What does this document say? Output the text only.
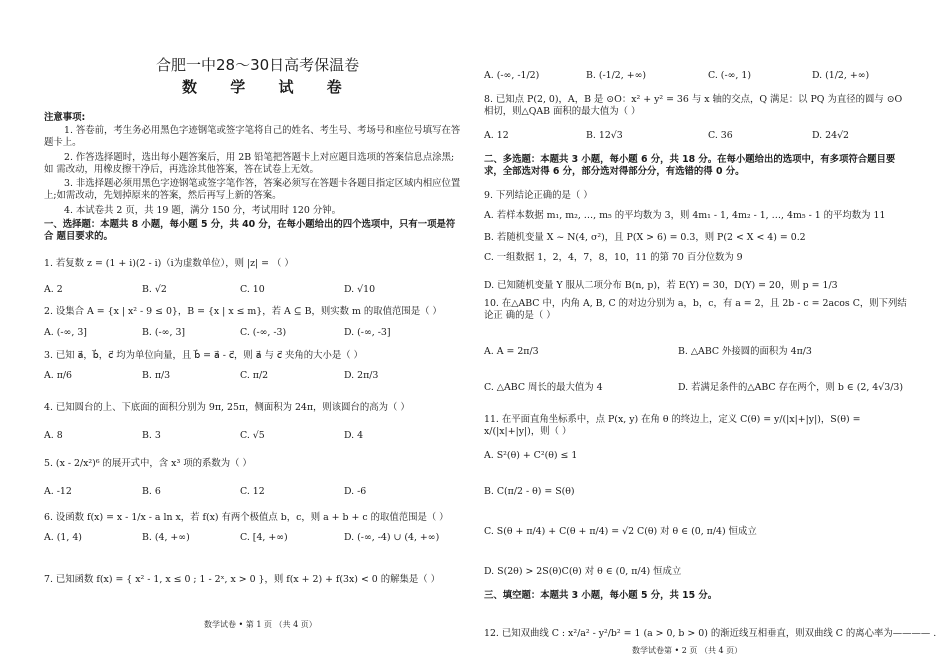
合肥一中28～30日高考保温卷
数 学 试 卷
注意事项:
1. 答卷前，考生务必用黑色字迹钢笔或签字笔将自己的姓名、考生号、考场号和座位号填写在答 题卡上。
2. 作答选择题时，选出每小题答案后，用 2B 铅笔把答题卡上对应题目选项的答案信息点涂黑; 如 需改动，用橡皮擦干净后，再选涂其他答案，答在试卷上无效。
3. 非选择题必须用黑色字迹钢笔或签字笔作答，答案必须写在答题卡各题目指定区域内相应位置 上;如需改动，先划掉原来的答案，然后再写上新的答案。
4. 本试卷共 2 页，共 19 题，满分 150 分，考试用时 120 分钟。
一、选择题：本题共 8 小题，每小题 5 分，共 40 分，在每小题给出的四个选项中，只有一项是符合 题目要求的。
1. 若复数 z = (1 + i)(2 - i)（i为虚数单位），则 |z| = （ ）
A. 2	B. √2	C. 10	D. √10
2. 设集合 A = {x | x² - 9 ≤ 0}，B = {x | x ≤ m}，若 A ⊆ B，则实数 m 的取值范围是（ ）
A. (-∞, 3]	B. (-∞, 3]	C. (-∞, -3)	D. (-∞, -3]
3. 已知 a⃗，b⃗，c⃗ 均为单位向量，且 b⃗ = a⃗ - c⃗，则 a⃗ 与 c⃗ 夹角的大小是（ ）
A. π/6	B. π/3	C. π/2	D. 2π/3
4. 已知圆台的上、下底面的面积分别为 9π, 25π，侧面积为 24π，则该圆台的高为（ ）
A. 8	B. 3	C. √5	D. 4
5. (x - 2/x²)⁶ 的展开式中，含 x³ 项的系数为（ ）
A. -12	B. 6	C. 12	D. -6
6. 设函数 f(x) = x - 1/x - a ln x，若 f(x) 有两个极值点 b，c，则 a + b + c 的取值范围是（ ）
A. (1, 4)	B. (4, +∞)	C. [4, +∞)	D. (-∞, -4) ∪ (4, +∞)
7. 已知函数 f(x) = { x² - 1, x ≤ 0 ; 1 - 2ˣ, x > 0 }，则 f(x + 2) + f(3x) < 0 的解集是（ ）
数学试卷 • 第 1 页 （共 4 页）
A. (-∞, -1/2)	B. (-1/2, +∞)	C. (-∞, 1)	D. (1/2, +∞)
8. 已知点 P(2, 0)，A，B 是 ⊙O：x² + y² = 36 与 x 轴的交点，Q 满足：以 PQ 为直径的圆与 ⊙O 相切，则△QAB 面积的最大值为（ ）
A. 12	B. 12√3	C. 36	D. 24√2
二、多选题：本题共 3 小题，每小题 6 分，共 18 分。在每小题给出的选项中，有多项符合题目要求，全部选对得 6 分，部分选对得部分分，有选错的得 0 分。
9. 下列结论正确的是（ ）
A. 若样本数据 m₁, m₂, …, m₅ 的平均数为 3，则 4m₁ - 1, 4m₂ - 1, …, 4m₅ - 1 的平均数为 11
B. 若随机变量 X ~ N(4, σ²)，且 P(X > 6) = 0.3，则 P(2 < X < 4) = 0.2
C. 一组数据 1，2，4，7，8，10，11 的第 70 百分位数为 9
D. 已知随机变量 Y 服从二项分布 B(n, p)，若 E(Y) = 30，D(Y) = 20，则 p = 1/3
10. 在△ABC 中，内角 A, B, C 的对边分别为 a，b，c，有 a = 2，且 2b - c = 2acos C，则下列结论正 确的是（ ）
A. A = 2π/3	B. △ABC 外接圆的面积为 4π/3
C. △ABC 周长的最大值为 4	D. 若满足条件的△ABC 存在两个，则 b ∈ (2, 4√3/3)
11. 在平面直角坐标系中，点 P(x, y) 在角 θ 的终边上，定义 C(θ) = y/(|x|+|y|)，S(θ) = x/(|x|+|y|)，则（ ）
A. S²(θ) + C²(θ) ≤ 1
B. C(π/2 - θ) = S(θ)
C. S(θ + π/4) + C(θ + π/4) = √2 C(θ) 对 θ ∈ (0, π/4) 恒成立
D. S(2θ) > 2S(θ)C(θ) 对 θ ∈ (0, π/4) 恒成立
三、填空题：本题共 3 小题，每小题 5 分，共 15 分。
12. 已知双曲线 C : x²/a² - y²/b² = 1 (a > 0, b > 0) 的渐近线互相垂直，则双曲线 C 的离心率为———— .
数学试卷第 • 2 页 （共 4 页）
